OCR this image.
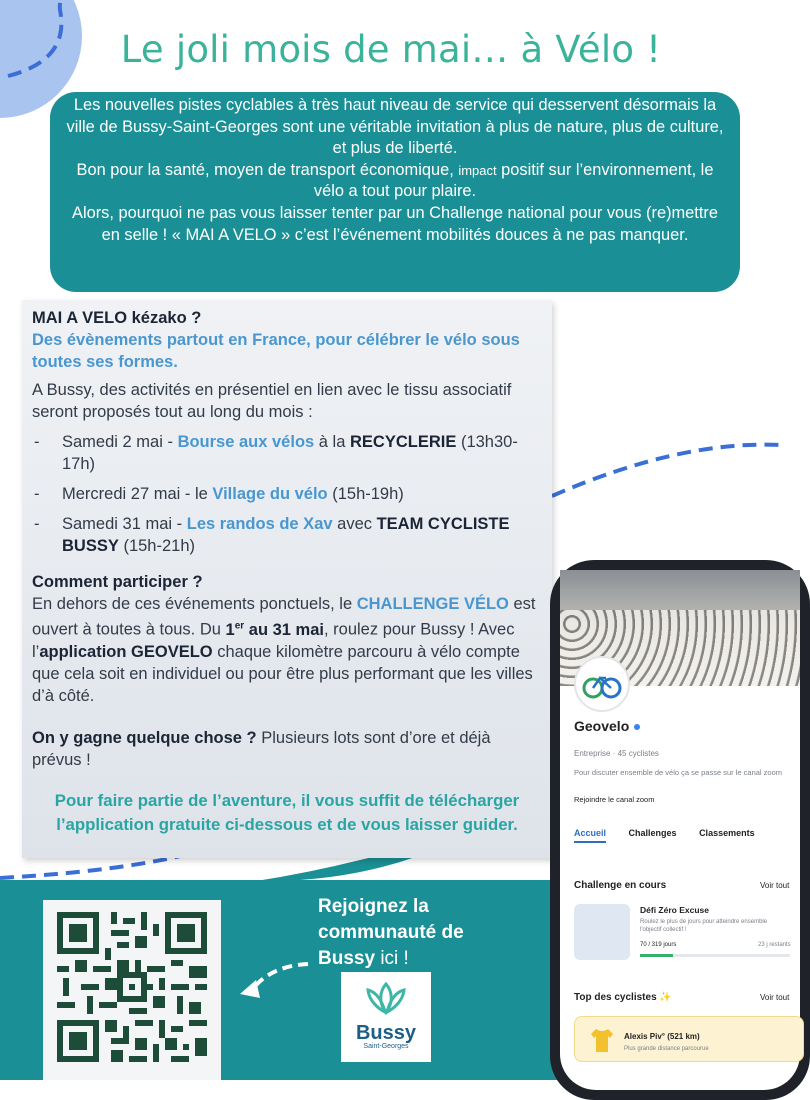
Le joli mois de mai… à Vélo !

Les nouvelles pistes cyclables à très haut niveau de service qui desservent désormais la ville de Bussy-Saint-Georges sont une véritable invitation à plus de nature, plus de culture, et plus de liberté.

Bon pour la santé, moyen de transport économique, impact positif sur l’environnement, le vélo a tout pour plaire.

Alors, pourquoi ne pas vous laisser tenter par un Challenge national pour vous (re)mettre en selle ! « MAI A VELO » c’est l’événement mobilités douces à ne pas manquer.

MAI A VELO kézako ?
Des évènements partout en France, pour célébrer le vélo sous toutes ses formes.
A Bussy, des activités en présentiel en lien avec le tissu associatif seront proposés tout au long du mois :
- Samedi 2 mai - Bourse aux vélos à la RECYCLERIE (13h30-17h)
- Mercredi 27 mai - le Village du vélo (15h-19h)
- Samedi 31 mai - Les randos de Xav avec TEAM CYCLISTE BUSSY (15h-21h)
Comment participer ?
En dehors de ces événements ponctuels, le CHALLENGE VÉLO est ouvert à toutes à tous. Du 1er au 31 mai, roulez pour Bussy ! Avec l’application GEOVELO chaque kilomètre parcouru à vélo compte que cela soit en individuel ou pour être plus performant que les villes d’à côté.
On y gagne quelque chose ? Plusieurs lots sont d’ore et déjà prévus !
Pour faire partie de l’aventure, il vous suffit de télécharger l’application gratuite ci-dessous et de vous laisser guider.
Rejoignez la communauté de Bussy ici !
Bussy
Saint-Georges
Geovelo
Entreprise · 45 cyclistes
Pour discuter ensemble de vélo ça se passe sur le canal zoom
Rejoindre le canal zoom
Accueil	Challenges	Classements
Challenge en cours	Voir tout
Défi Zéro Excuse
Roulez le plus de jours pour atteindre ensemble l'objectif collectif !
70 / 319 jours	23 j restants
Top des cyclistes ✨	Voir tout
Alexis Piv° (521 km)
Plus grande distance parcourue
